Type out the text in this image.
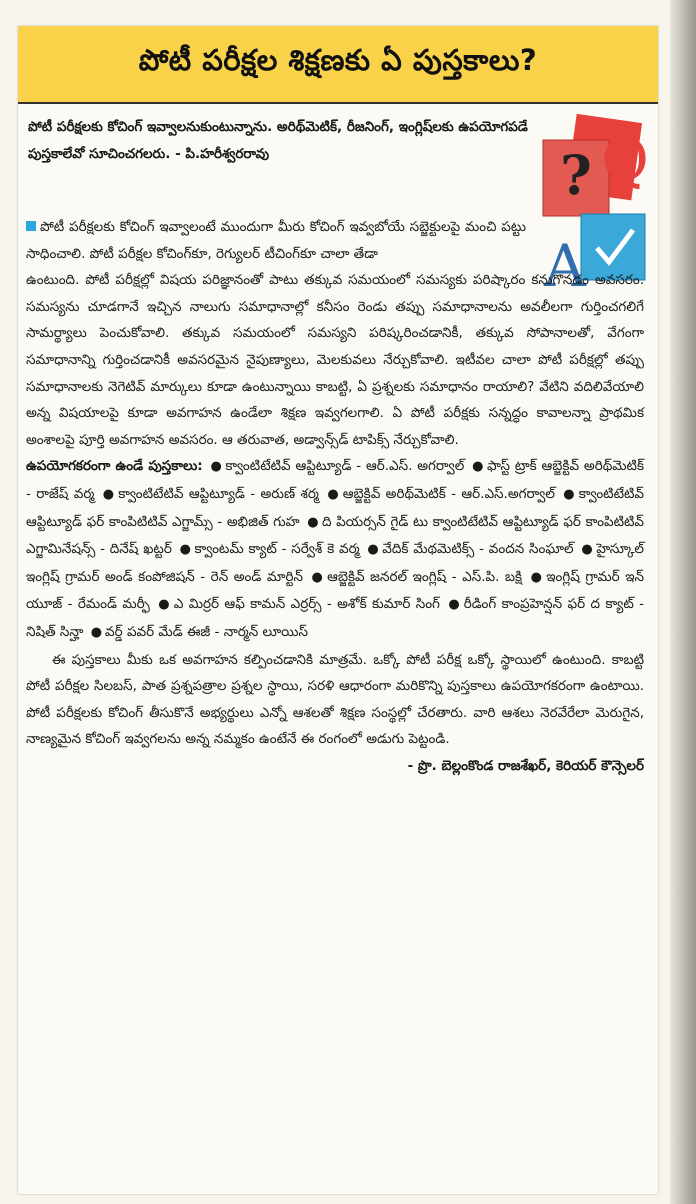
పోటీ పరీక్షల శిక్షణకు ఏ పుస్తకాలు?
పోటీ పరీక్షలకు కోచింగ్‌ ఇవ్వాలనుకుంటున్నాను. అరిథ్‌మెటిక్‌, రీజనింగ్‌, ఇంగ్లిష్‌లకు ఉపయోగపడే పుస్తకాలేవో సూచించగలరు. - పి.హరీశ్వరరావు	? Q
A

పోటీ పరీక్షలకు కోచింగ్‌ ఇవ్వాలంటే ముందుగా మీరు కోచింగ్‌ ఇవ్వబోయే సబ్జెక్టులపై మంచి పట్టు సాధించాలి. పోటీ పరీక్షల కోచింగ్‌కూ, రెగ్యులర్‌ టీచింగ్‌కూ చాలా తేడా

ఉంటుంది. పోటీ పరీక్షల్లో విషయ పరిజ్ఞానంతో పాటు తక్కువ సమయంలో సమస్యకు పరిష్కారం కనుగొనడం అవసరం. సమస్యను చూడగానే ఇచ్చిన నాలుగు సమాధానాల్లో కనీసం రెండు తప్పు సమాధానాలను అవలీలగా గుర్తించగలిగే సామర్థ్యాలు పెంచుకోవాలి. తక్కువ సమయంలో సమస్యని పరిష్కరించడానికీ, తక్కువ సోపానాలతో, వేగంగా సమాధానాన్ని గుర్తించడానికీ అవసరమైన నైపుణ్యాలు, మెలకువలు నేర్చుకోవాలి. ఇటీవల చాలా పోటీ పరీక్షల్లో తప్పు సమాధానాలకు నెగెటివ్‌ మార్కులు కూడా ఉంటున్నాయి కాబట్టి, ఏ ప్రశ్నలకు సమాధానం రాయాలి? వేటిని వదిలివేయాలి అన్న విషయాలపై కూడా అవగాహన ఉండేలా శిక్షణ ఇవ్వగలగాలి. ఏ పోటీ పరీక్షకు సన్నద్ధం కావాలన్నా ప్రాథమిక అంశాలపై పూర్తి అవగాహన అవసరం. ఆ తరువాత, అడ్వాన్స్‌డ్‌ టాపిక్స్‌ నేర్చుకోవాలి.

ఉపయోగకరంగా ఉండే పుస్తకాలు: ● క్వాంటిటేటివ్‌ ఆప్టిట్యూడ్‌ - ఆర్‌.ఎస్‌. అగర్వాల్‌ ● ఫాస్ట్‌ ట్రాక్‌ ఆబ్జెక్టివ్‌ అరిథ్‌మెటిక్‌ - రాజేష్‌ వర్మ ● క్వాంటిటేటివ్‌ ఆప్టిట్యూడ్‌ - అరుణ్‌ శర్మ ● ఆబ్జెక్టివ్‌ అరిథ్‌మెటిక్‌ - ఆర్‌.ఎస్‌.అగర్వాల్‌ ● క్వాంటిటేటివ్‌ ఆప్టిట్యూడ్‌ ఫర్‌ కాంపిటిటివ్‌ ఎగ్జామ్స్‌ - అభిజిత్‌ గుహ ● ది పియర్సన్‌ గైడ్‌ టు క్వాంటిటేటివ్‌ ఆప్టిట్యూడ్‌ ఫర్‌ కాంపిటిటివ్‌ ఎగ్జామినేషన్స్‌ - దినేష్‌ ఖట్టర్‌ ● క్వాంటమ్‌ క్యాట్‌ - సర్వేశ్‌ కె వర్మ ● వేదిక్‌ మేథమెటిక్స్‌ - వందన సింఘాల్‌ ● హైస్కూల్‌ ఇంగ్లిష్‌ గ్రామర్‌ అండ్‌ కంపోజిషన్‌ - రెన్‌ అండ్‌ మార్టిన్‌ ● ఆబ్జెక్టివ్‌ జనరల్‌ ఇంగ్లిష్‌ - ఎస్‌.పి. బక్షి ● ఇంగ్లిష్‌ గ్రామర్‌ ఇన్‌ యూజ్‌ - రేమండ్‌ మర్ఫీ ● ఎ మిర్రర్‌ ఆఫ్‌ కామన్‌ ఎర్రర్స్‌ - అశోక్‌ కుమార్‌ సింగ్‌ ● రీడింగ్‌ కాంప్రహెన్షన్‌ ఫర్‌ ద క్యాట్‌ - నిషిత్‌ సిన్హా ● వర్డ్‌ పవర్‌ మేడ్‌ ఈజీ - నార్మన్‌ లూయిస్‌

ఈ పుస్తకాలు మీకు ఒక అవగాహన కల్పించడానికి మాత్రమే. ఒక్కో పోటీ పరీక్ష ఒక్కో స్థాయిలో ఉంటుంది. కాబట్టి పోటీ పరీక్షల సిలబస్‌, పాత ప్రశ్నపత్రాల ప్రశ్నల స్థాయి, సరళి ఆధారంగా మరికొన్ని పుస్తకాలు ఉపయోగకరంగా ఉంటాయి. పోటీ పరీక్షలకు కోచింగ్‌ తీసుకొనే అభ్యర్థులు ఎన్నో ఆశలతో శిక్షణ సంస్థల్లో చేరతారు. వారి ఆశలు నెరవేరేలా మెరుగైన, నాణ్యమైన కోచింగ్‌ ఇవ్వగలను అన్న నమ్మకం ఉంటేనే ఈ రంగంలో అడుగు పెట్టండి.

- ప్రొ. బెల్లంకొండ రాజశేఖర్‌, కెరియర్‌ కౌన్సెలర్‌
